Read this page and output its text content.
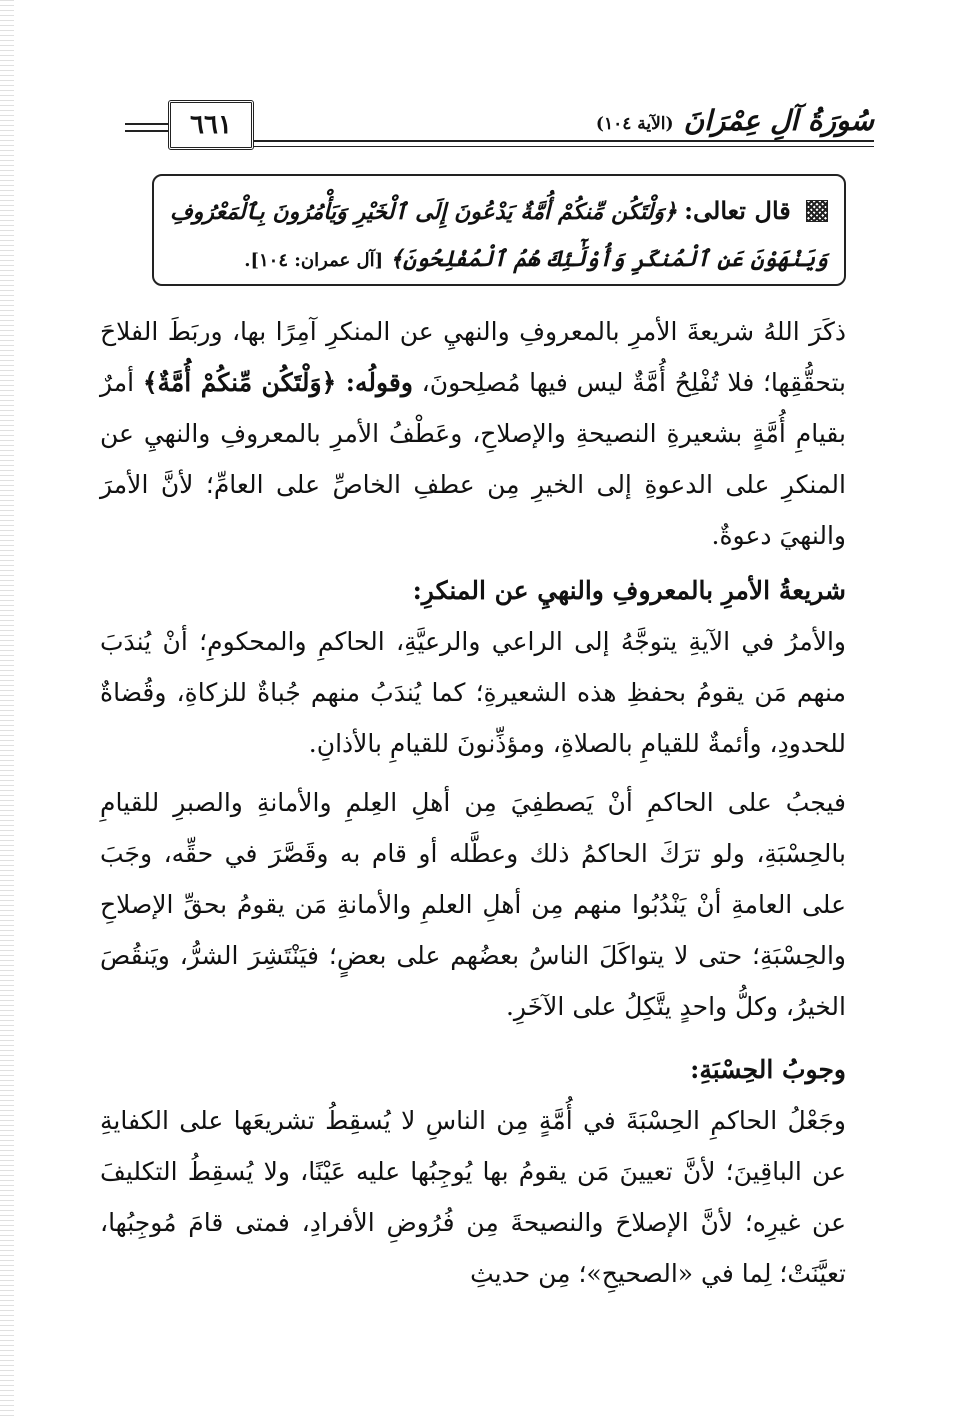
سُورَةُ آلِ عِمْرَانَ
(الآية ١٠٤)
٦٦١
قال تعالى: ﴿وَلْتَكُن مِّنكُمْ أُمَّةٌ يَدْعُونَ إِلَى ٱلْخَيْرِ وَيَأْمُرُونَ بِٱلْمَعْرُوفِ
وَيَنْهَوْنَ عَنِ ٱلْمُنكَرِ وَأُوْلَٰٓئِكَ هُمُ ٱلْمُفْلِحُونَ﴾ [آل عمران: ١٠٤].

ذكَرَ اللهُ شريعةَ الأمرِ بالمعروفِ والنهيِ عن المنكرِ آمِرًا بها، وربَطَ الفلاحَ بتحقُّقِها؛ فلا تُفْلِحُ أُمَّةٌ ليس فيها مُصلِحونَ، وقولُه: ﴿وَلْتَكُن مِّنكُمْ أُمَّةٌ﴾ أمرٌ بقيامِ أُمَّةٍ بشعيرةِ النصيحةِ والإصلاحِ، وعَطْفُ الأمرِ بالمعروفِ والنهيِ عن المنكرِ على الدعوةِ إلى الخيرِ مِن عطفِ الخاصِّ على العامِّ؛ لأنَّ الأمرَ والنهيَ دعوةٌ.

شريعةُ الأمرِ بالمعروفِ والنهيِ عن المنكرِ:

والأمرُ في الآيةِ يتوجَّهُ إلى الراعي والرعيَّةِ، الحاكمِ والمحكومِ؛ أنْ يُندَبَ منهم مَن يقومُ بحفظِ هذه الشعيرةِ؛ كما يُندَبُ منهم جُباةٌ للزكاةِ، وقُضاةٌ للحدودِ، وأئمةٌ للقيامِ بالصلاةِ، ومؤذِّنونَ للقيامِ بالأذانِ.

فيجبُ على الحاكمِ أنْ يَصطفِيَ مِن أهلِ العِلمِ والأمانةِ والصبرِ للقيامِ بالحِسْبَةِ، ولو ترَكَ الحاكمُ ذلك وعطَّله أو قام به وقَصَّرَ في حقِّه، وجَبَ على العامةِ أنْ يَنْدُبُوا منهم مِن أهلِ العلمِ والأمانةِ مَن يقومُ بحقِّ الإصلاحِ والحِسْبَةِ؛ حتى لا يتواكَلَ الناسُ بعضُهم على بعضٍ؛ فيَنْتَشِرَ الشرُّ، ويَنقُصَ الخيرُ، وكلُّ واحدٍ يتَّكِلُ على الآخَرِ.

وجوبُ الحِسْبَةِ:

وجَعْلُ الحاكمِ الحِسْبَةَ في أُمَّةٍ مِن الناسِ لا يُسقِطُ تشريعَها على الكفايةِ عن الباقِينَ؛ لأنَّ تعيينَ مَن يقومُ بها يُوجِبُها عليه عَيْنًا، ولا يُسقِطُ التكليفَ عن غيرِه؛ لأنَّ الإصلاحَ والنصيحةَ مِن فُرُوضِ الأفرادِ، فمتى قامَ مُوجِبُها، تعيَّنَتْ؛ لِما في «الصحيحِ»؛ مِن حديثِ
